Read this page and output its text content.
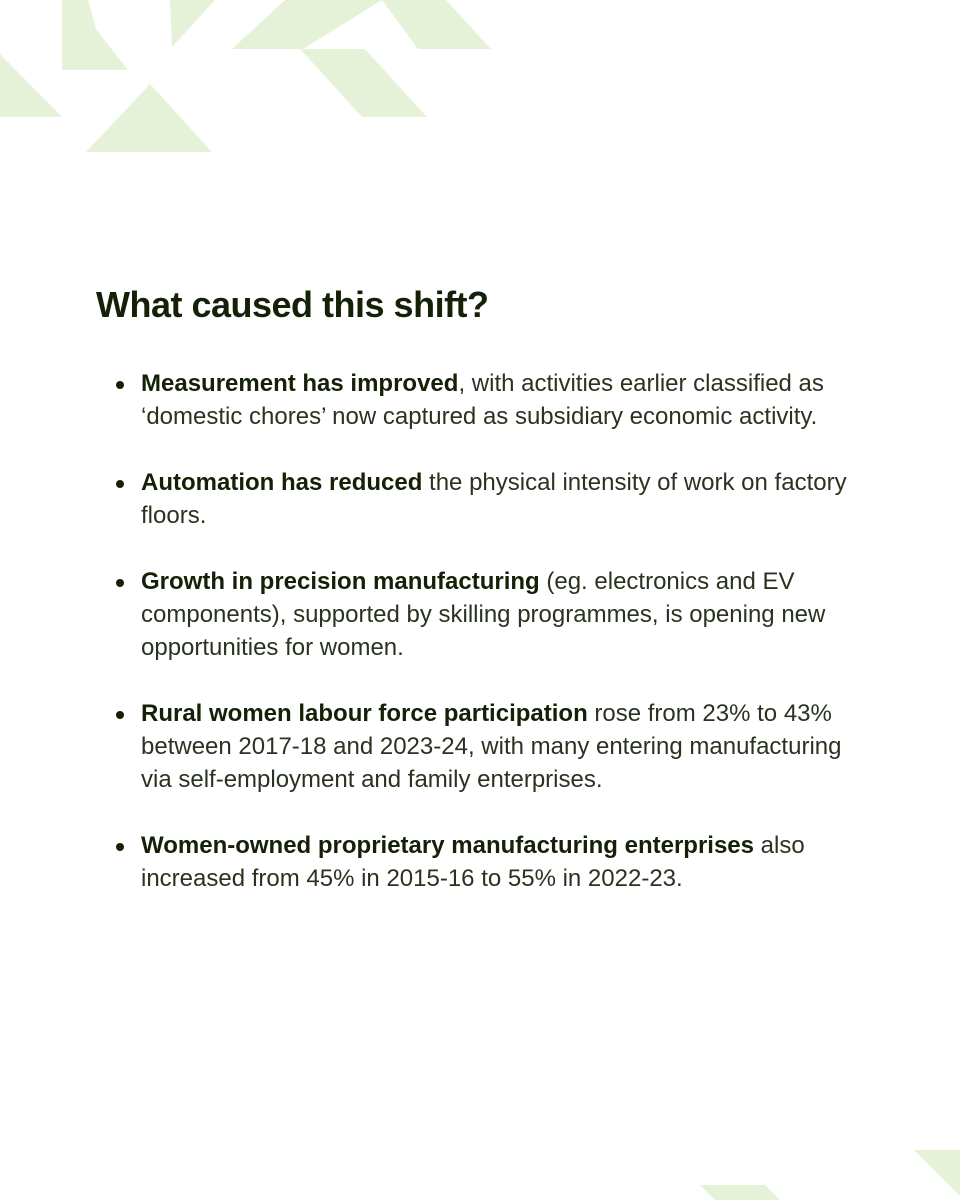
What caused this shift?
Measurement has improved, with activities earlier classified as ‘domestic chores’ now captured as subsidiary economic activity.
Automation has reduced the physical intensity of work on factory floors.
Growth in precision manufacturing (eg. electronics and EV components), supported by skilling programmes, is opening new opportunities for women.
Rural women labour force participation rose from 23% to 43% between 2017-18 and 2023-24, with many entering manufacturing via self-employment and family enterprises.
Women-owned proprietary manufacturing enterprises also increased from 45% in 2015-16 to 55% in 2022-23.
